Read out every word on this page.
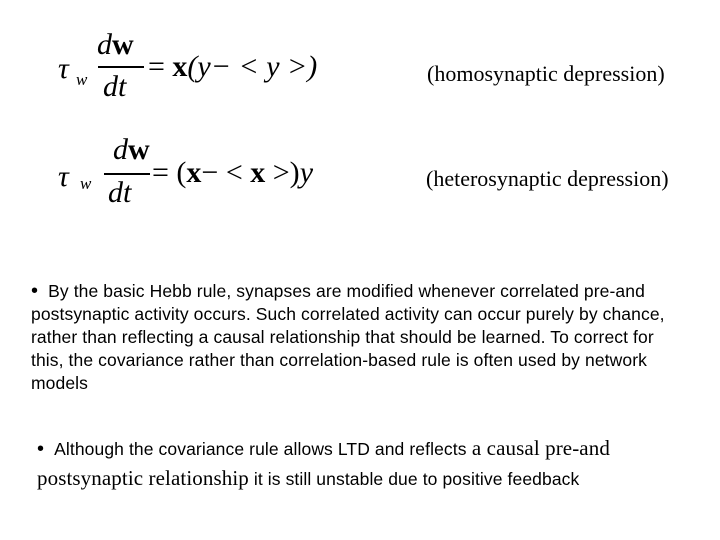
τ w
dw
dt
= x(y− < y >)	(homosynaptic depression)
τ w
dw
dt
= (x− < x >)y	(heterosynaptic depression)
• By the basic Hebb rule, synapses are modified whenever correlated pre-and postsynaptic activity occurs. Such correlated activity can occur purely by chance, rather than reflecting a causal relationship that should be learned. To correct for this, the covariance rather than correlation-based rule is often used by network models
• Although the covariance rule allows LTD and reflects a causal pre-and postsynaptic relationship it is still unstable due to positive feedback
